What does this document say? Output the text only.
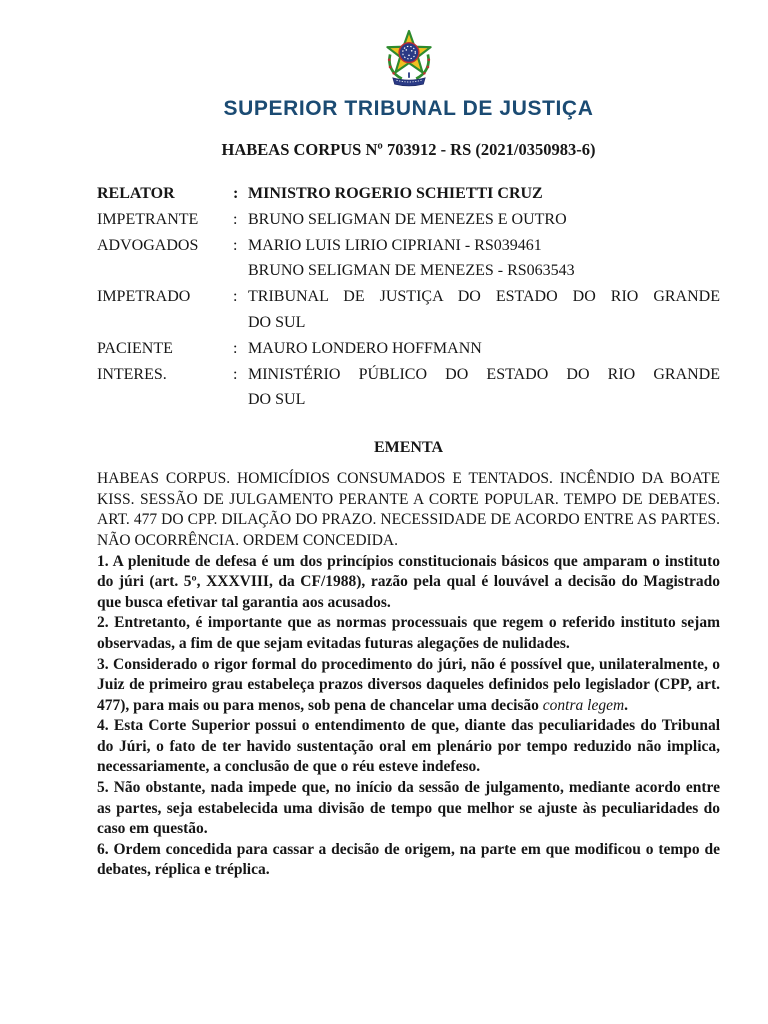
SUPERIOR TRIBUNAL DE JUSTIÇA
HABEAS CORPUS Nº 703912 - RS (2021/0350983-6)
RELATOR	: MINISTRO ROGERIO SCHIETTI CRUZ
IMPETRANTE	: BRUNO SELIGMAN DE MENEZES E OUTRO
ADVOGADOS	: MARIO LUIS LIRIO CIPRIANI - RS039461
BRUNO SELIGMAN DE MENEZES - RS063543
IMPETRADO	: TRIBUNAL DE JUSTIÇA DO ESTADO DO RIO GRANDE
DO SUL
PACIENTE	: MAURO LONDERO HOFFMANN
INTERES.	: MINISTÉRIO PÚBLICO DO ESTADO DO RIO GRANDE
DO SUL
EMENTA

HABEAS CORPUS. HOMICÍDIOS CONSUMADOS E TENTADOS. INCÊNDIO DA BOATE KISS. SESSÃO DE JULGAMENTO PERANTE A CORTE POPULAR. TEMPO DE DEBATES. ART. 477 DO CPP. DILAÇÃO DO PRAZO. NECESSIDADE DE ACORDO ENTRE AS PARTES. NÃO OCORRÊNCIA. ORDEM CONCEDIDA.

1. A plenitude de defesa é um dos princípios constitucionais básicos que amparam o instituto do júri (art. 5º, XXXVIII, da CF/1988), razão pela qual é louvável a decisão do Magistrado que busca efetivar tal garantia aos acusados.

2. Entretanto, é importante que as normas processuais que regem o referido instituto sejam observadas, a fim de que sejam evitadas futuras alegações de nulidades.

3. Considerado o rigor formal do procedimento do júri, não é possível que, unilateralmente, o Juiz de primeiro grau estabeleça prazos diversos daqueles definidos pelo legislador (CPP, art. 477), para mais ou para menos, sob pena de chancelar uma decisão contra legem.

4. Esta Corte Superior possui o entendimento de que, diante das peculiaridades do Tribunal do Júri, o fato de ter havido sustentação oral em plenário por tempo reduzido não implica, necessariamente, a conclusão de que o réu esteve indefeso.

5. Não obstante, nada impede que, no início da sessão de julgamento, mediante acordo entre as partes, seja estabelecida uma divisão de tempo que melhor se ajuste às peculiaridades do caso em questão.

6. Ordem concedida para cassar a decisão de origem, na parte em que modificou o tempo de debates, réplica e tréplica.
